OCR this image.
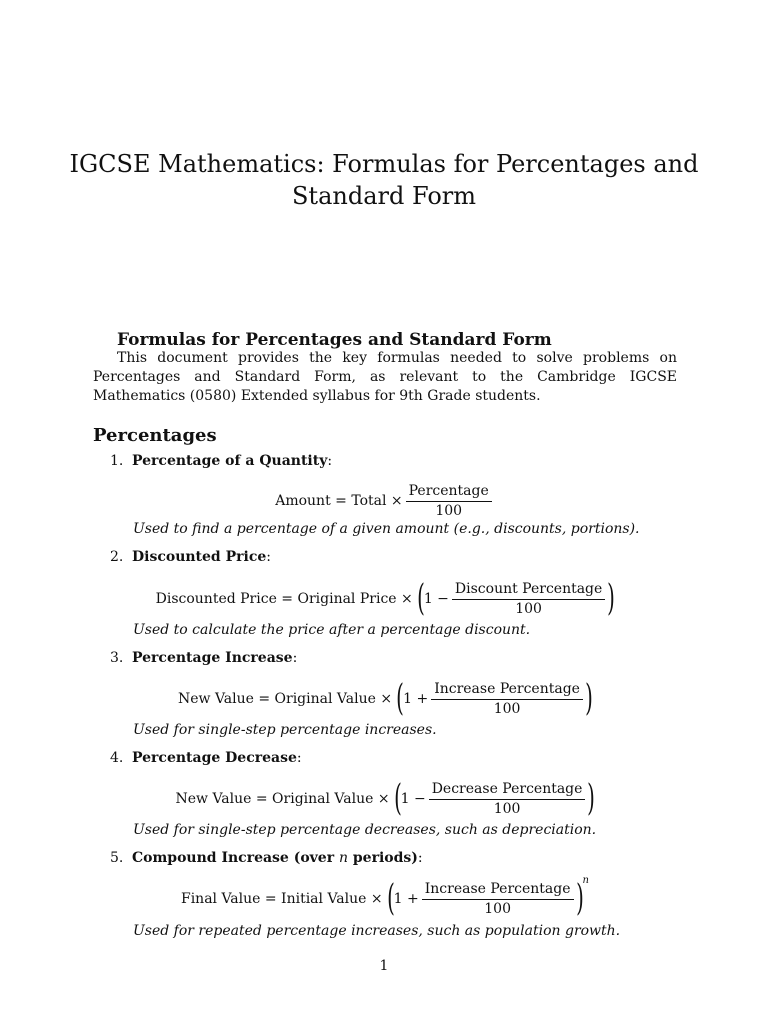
IGCSE Mathematics: Formulas for Percentages and Standard Form
Formulas for Percentages and Standard Form
This document provides the key formulas needed to solve problems on Percentages and Standard Form, as relevant to the Cambridge IGCSE Mathematics (0580) Extended syllabus for 9th Grade students.
Percentages
1. Percentage of a Quantity:
Amount = Total × $\frac{\text{Percentage}}{100}$
Used to find a percentage of a given amount (e.g., discounts, portions).
2. Discounted Price:
Discounted Price = Original Price × ( $1 - \frac{\text{Discount Percentage}}{100}$ )
Used to calculate the price after a percentage discount.
3. Percentage Increase:
New Value = Original Value × ( $1 + \frac{\text{Increase Percentage}}{100}$ )
Used for single-step percentage increases.
4. Percentage Decrease:
New Value = Original Value × ( $1 - \frac{\text{Decrease Percentage}}{100}$ )
Used for single-step percentage decreases, such as depreciation.
5. Compound Increase (over n periods):
Final Value = Initial Value × ( $1 + \frac{\text{Increase Percentage}}{100}$ ) n
Used for repeated percentage increases, such as population growth.
1
